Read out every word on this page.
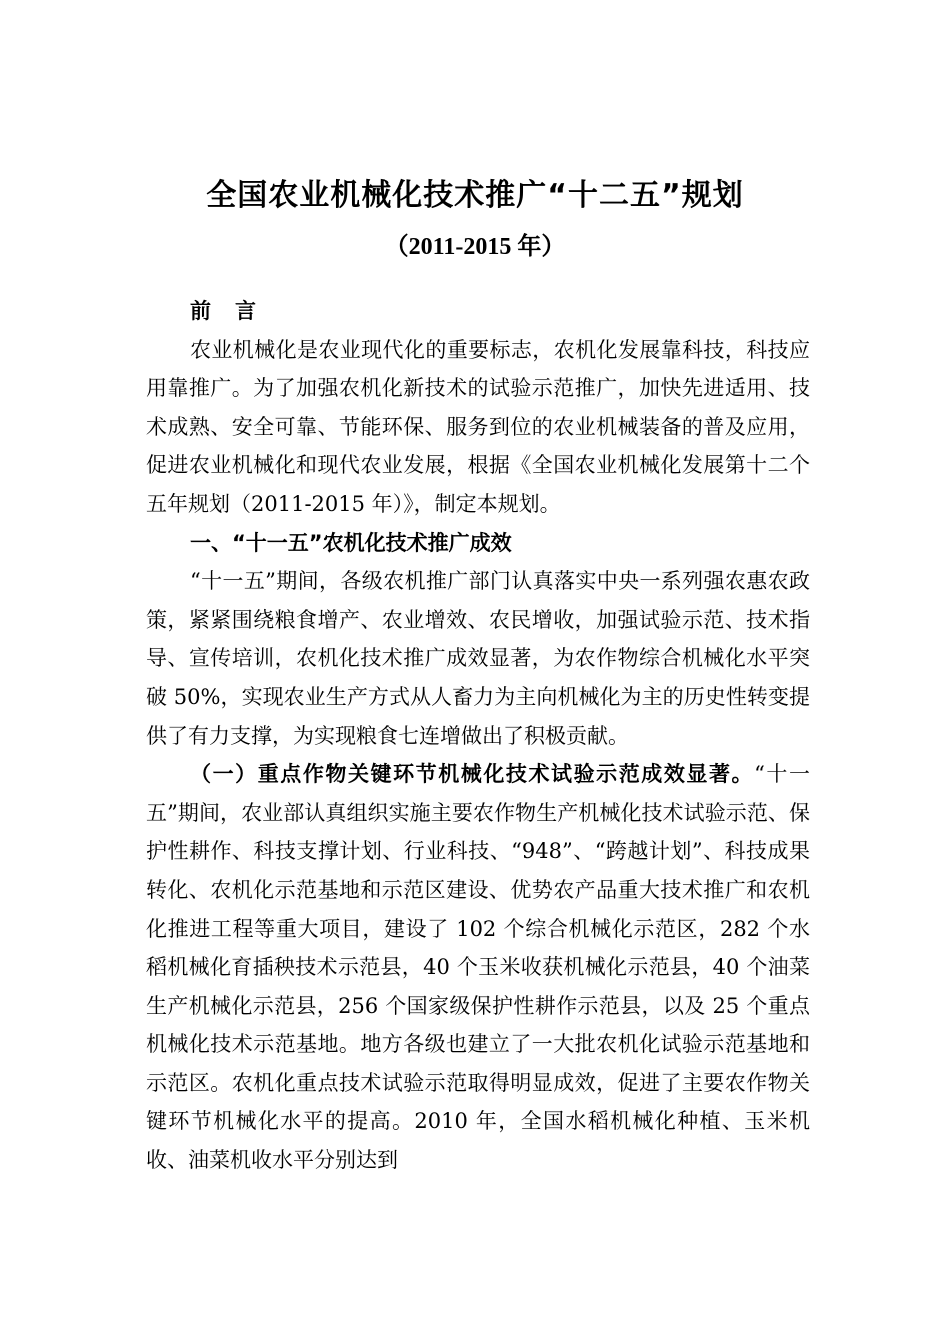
全国农业机械化技术推广“十二五”规划
（2011-2015 年）

前 言

农业机械化是农业现代化的重要标志，农机化发展靠科技，科技应用靠推广。为了加强农机化新技术的试验示范推广，加快先进适用、技术成熟、安全可靠、节能环保、服务到位的农业机械装备的普及应用，促进农业机械化和现代农业发展，根据《全国农业机械化发展第十二个五年规划（2011-2015 年）》，制定本规划。

一、“十一五”农机化技术推广成效

“十一五”期间，各级农机推广部门认真落实中央一系列强农惠农政策，紧紧围绕粮食增产、农业增效、农民增收，加强试验示范、技术指导、宣传培训，农机化技术推广成效显著，为农作物综合机械化水平突破 50%，实现农业生产方式从人畜力为主向机械化为主的历史性转变提供了有力支撑，为实现粮食七连增做出了积极贡献。

（一）重点作物关键环节机械化技术试验示范成效显著。“十一五”期间，农业部认真组织实施主要农作物生产机械化技术试验示范、保护性耕作、科技支撑计划、行业科技、“948”、“跨越计划”、科技成果转化、农机化示范基地和示范区建设、优势农产品重大技术推广和农机化推进工程等重大项目，建设了 102 个综合机械化示范区，282 个水稻机械化育插秧技术示范县，40 个玉米收获机械化示范县，40 个油菜生产机械化示范县，256 个国家级保护性耕作示范县，以及 25 个重点机械化技术示范基地。地方各级也建立了一大批农机化试验示范基地和示范区。农机化重点技术试验示范取得明显成效，促进了主要农作物关键环节机械化水平的提高。2010 年，全国水稻机械化种植、玉米机收、油菜机收水平分别达到
